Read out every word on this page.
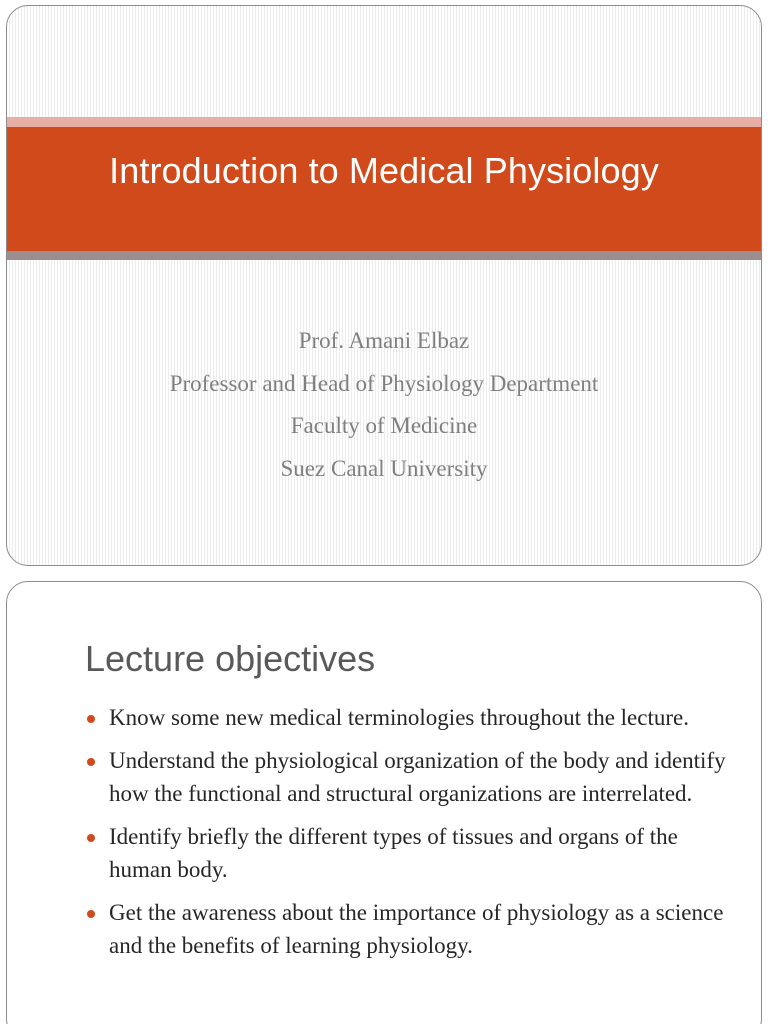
Introduction to Medical Physiology
Prof. Amani Elbaz
Professor and Head of Physiology Department
Faculty of Medicine
Suez Canal University
Lecture objectives
Know some new medical terminologies throughout the lecture.
Understand the physiological organization of the body and identify how the functional and structural organizations are interrelated.
Identify briefly the different types of tissues and organs of the human body.
Get the awareness about the importance of physiology as a science and the benefits of learning physiology.
